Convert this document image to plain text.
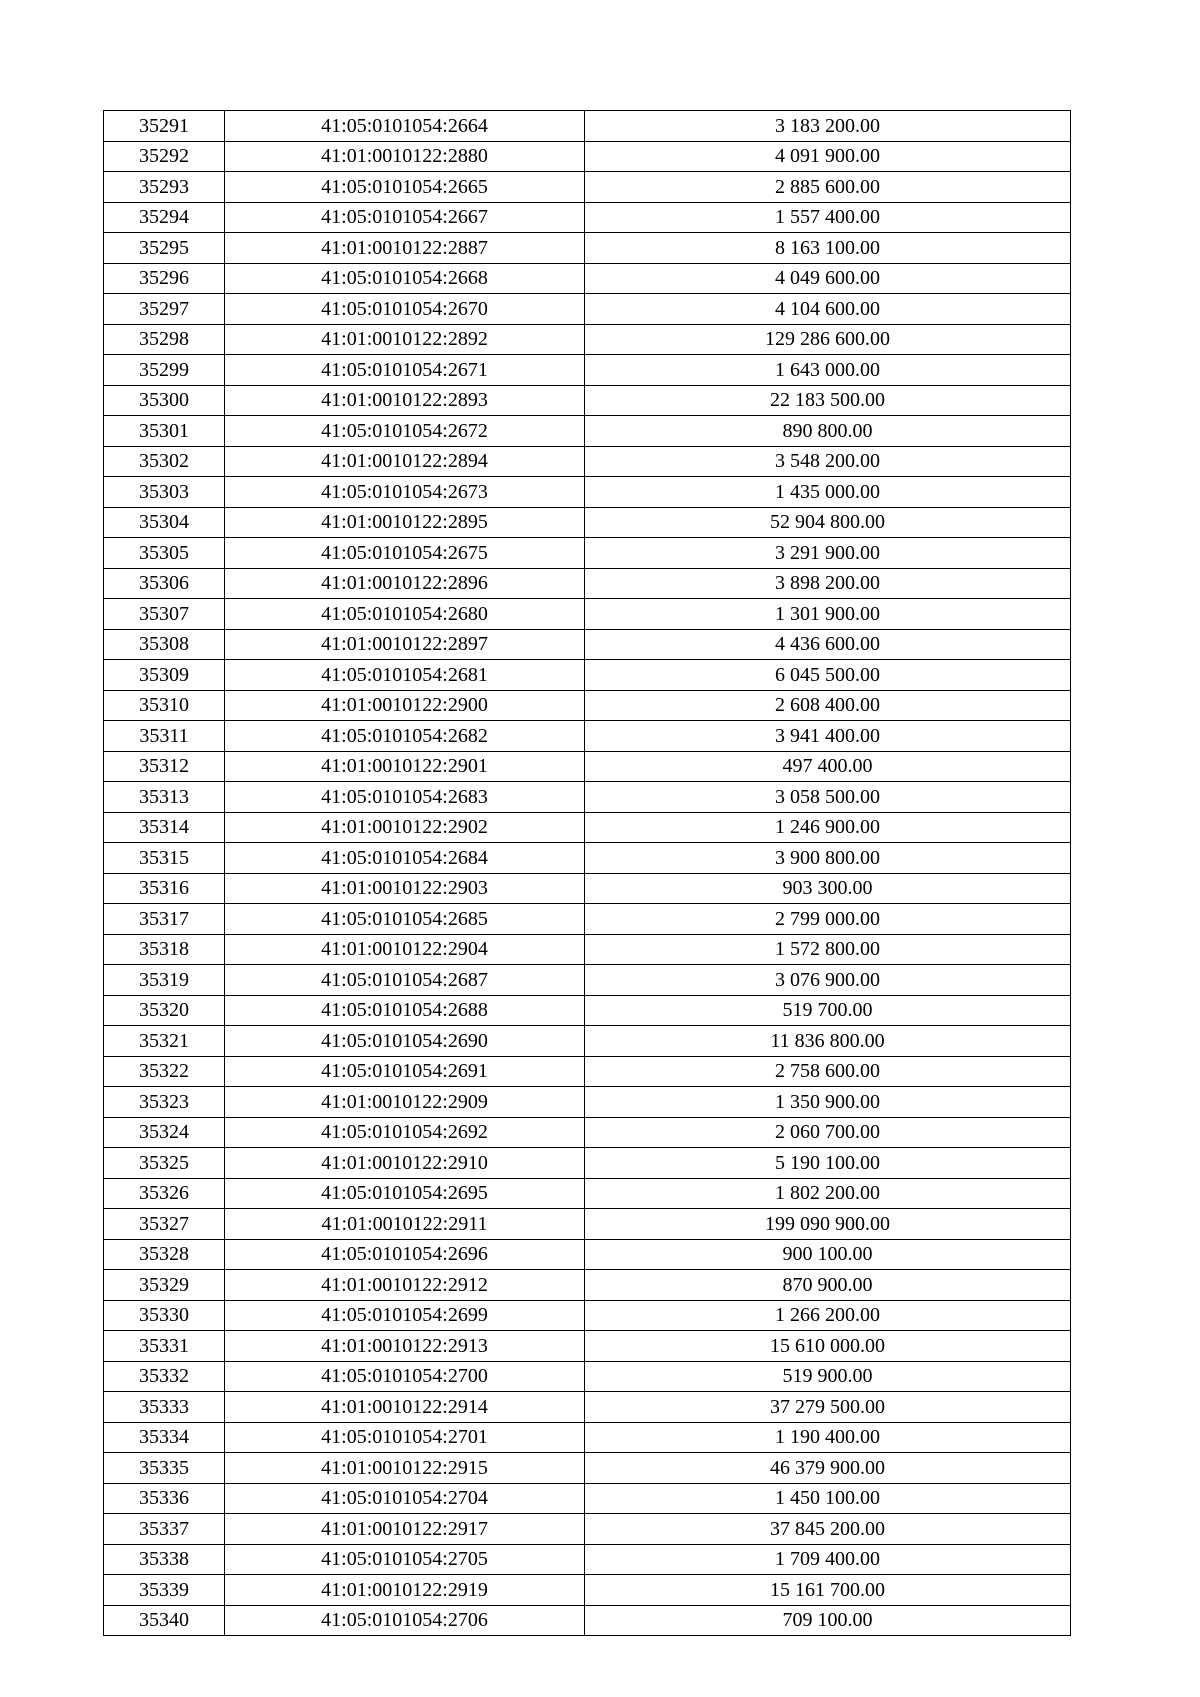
35291	41:05:0101054:2664	3 183 200.00
35292	41:01:0010122:2880	4 091 900.00
35293	41:05:0101054:2665	2 885 600.00
35294	41:05:0101054:2667	1 557 400.00
35295	41:01:0010122:2887	8 163 100.00
35296	41:05:0101054:2668	4 049 600.00
35297	41:05:0101054:2670	4 104 600.00
35298	41:01:0010122:2892	129 286 600.00
35299	41:05:0101054:2671	1 643 000.00
35300	41:01:0010122:2893	22 183 500.00
35301	41:05:0101054:2672	890 800.00
35302	41:01:0010122:2894	3 548 200.00
35303	41:05:0101054:2673	1 435 000.00
35304	41:01:0010122:2895	52 904 800.00
35305	41:05:0101054:2675	3 291 900.00
35306	41:01:0010122:2896	3 898 200.00
35307	41:05:0101054:2680	1 301 900.00
35308	41:01:0010122:2897	4 436 600.00
35309	41:05:0101054:2681	6 045 500.00
35310	41:01:0010122:2900	2 608 400.00
35311	41:05:0101054:2682	3 941 400.00
35312	41:01:0010122:2901	497 400.00
35313	41:05:0101054:2683	3 058 500.00
35314	41:01:0010122:2902	1 246 900.00
35315	41:05:0101054:2684	3 900 800.00
35316	41:01:0010122:2903	903 300.00
35317	41:05:0101054:2685	2 799 000.00
35318	41:01:0010122:2904	1 572 800.00
35319	41:05:0101054:2687	3 076 900.00
35320	41:05:0101054:2688	519 700.00
35321	41:05:0101054:2690	11 836 800.00
35322	41:05:0101054:2691	2 758 600.00
35323	41:01:0010122:2909	1 350 900.00
35324	41:05:0101054:2692	2 060 700.00
35325	41:01:0010122:2910	5 190 100.00
35326	41:05:0101054:2695	1 802 200.00
35327	41:01:0010122:2911	199 090 900.00
35328	41:05:0101054:2696	900 100.00
35329	41:01:0010122:2912	870 900.00
35330	41:05:0101054:2699	1 266 200.00
35331	41:01:0010122:2913	15 610 000.00
35332	41:05:0101054:2700	519 900.00
35333	41:01:0010122:2914	37 279 500.00
35334	41:05:0101054:2701	1 190 400.00
35335	41:01:0010122:2915	46 379 900.00
35336	41:05:0101054:2704	1 450 100.00
35337	41:01:0010122:2917	37 845 200.00
35338	41:05:0101054:2705	1 709 400.00
35339	41:01:0010122:2919	15 161 700.00
35340	41:05:0101054:2706	709 100.00
